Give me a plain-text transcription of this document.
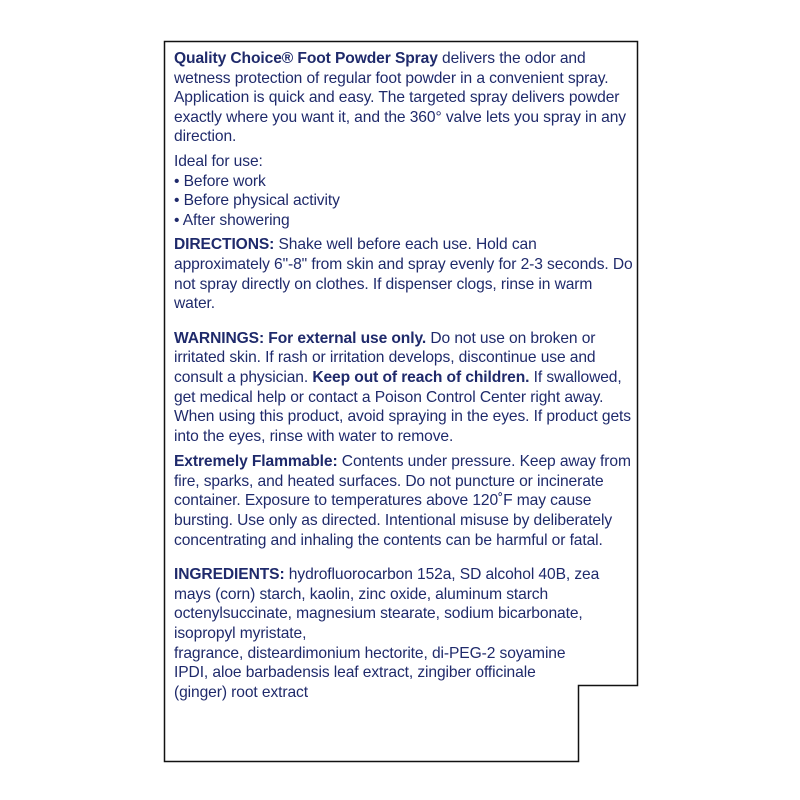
Quality Choice® Foot Powder Spray delivers the odor and wetness protection of regular foot powder in a convenient spray. Application is quick and easy. The targeted spray delivers powder exactly where you want it, and the 360° valve lets you spray in any direction.

Ideal for use:

• Before work
• Before physical activity
• After showering

DIRECTIONS: Shake well before each use. Hold can approximately 6"-8" from skin and spray evenly for 2-3 seconds. Do not spray directly on clothes. If dispenser clogs, rinse in warm water.

WARNINGS: For external use only. Do not use on broken or irritated skin. If rash or irritation develops, discontinue use and consult a physician. Keep out of reach of children. If swallowed, get medical help or contact a Poison Control Center right away. When using this product, avoid spraying in the eyes. If product gets into the eyes, rinse with water to remove.

Extremely Flammable: Contents under pressure. Keep away from fire, sparks, and heated surfaces. Do not puncture or incinerate container. Exposure to temperatures above 120˚F may cause bursting. Use only as directed. Intentional misuse by deliberately concentrating and inhaling the contents can be harmful or fatal.

INGREDIENTS: hydrofluorocarbon 152a, SD alcohol 40B, zea mays (corn) starch, kaolin, zinc oxide, aluminum starch octenylsuccinate, magnesium stearate, sodium bicarbonate, isopropyl myristate,
fragrance, disteardimonium hectorite, di-PEG-2 soyamine IPDI, aloe barbadensis leaf extract, zingiber officinale (ginger) root extract
